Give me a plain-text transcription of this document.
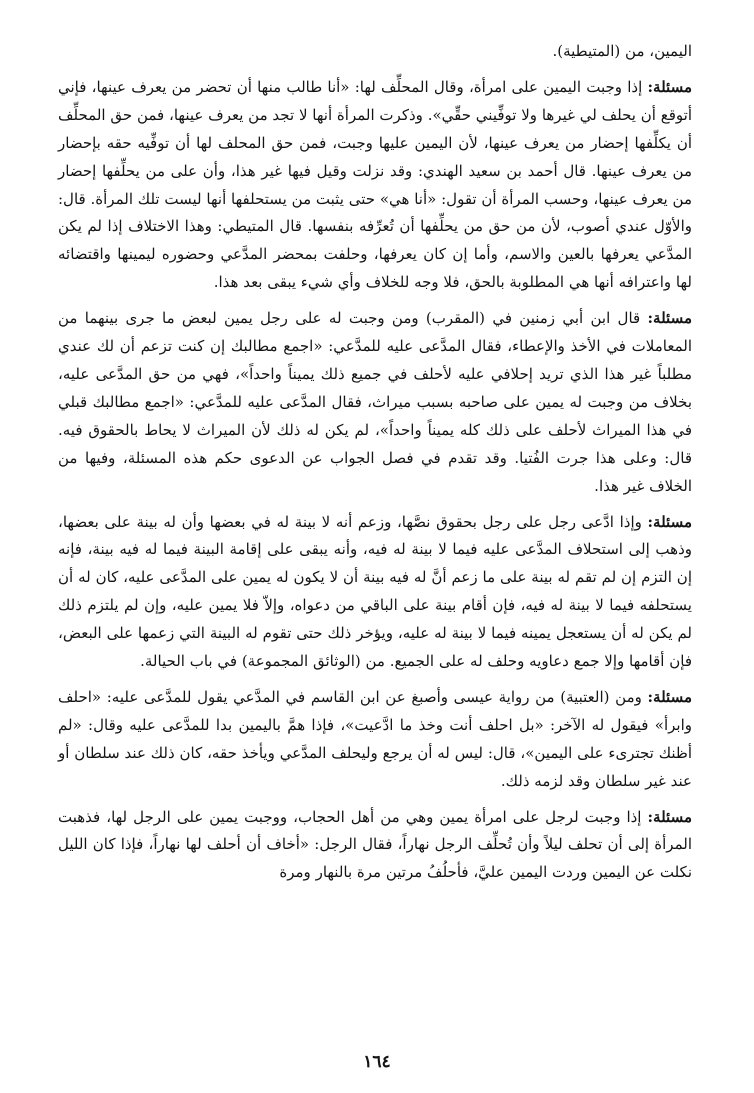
اليمين، من (المتيطية).
مسئلة: إذا وجبت اليمين على امرأة، وقال المحلِّف لها: «أنا طالب منها أن تحضر من يعرف عينها، فإني أتوقع أن يحلف لي غيرها ولا توفِّيني حقِّي». وذكرت المرأة أنها لا تجد من يعرف عينها، فمن حق المحلِّف أن يكلِّفها إحضار من يعرف عينها، لأن اليمين عليها وجبت، فمن حق المحلف لها أن توفِّيه حقه بإحضار من يعرف عينها. قال أحمد بن سعيد الهندي: وقد نزلت وقيل فيها غير هذا، وأن على من يحلِّفها إحضار من يعرف عينها، وحسب المرأة أن تقول: «أنا هي» حتى يثبت من يستحلفها أنها ليست تلك المرأة. قال: والأوّل عندي أصوب، لأن من حق من يحلِّفها أن تُعرِّفه بنفسها. قال المتيطي: وهذا الاختلاف إذا لم يكن المدَّعي يعرفها بالعين والاسم، وأما إن كان يعرفها، وحلفت بمحضر المدَّعي وحضوره ليمينها واقتضائه لها واعترافه أنها هي المطلوبة بالحق، فلا وجه للخلاف وأي شيء يبقى بعد هذا.
مسئلة: قال ابن أبي زمنين في (المقرب) ومن وجبت له على رجل يمين لبعض ما جرى بينهما من المعاملات في الأخذ والإعطاء، فقال المدَّعى عليه للمدَّعي: «اجمع مطالبك إن كنت تزعم أن لك عندي مطلباً غير هذا الذي تريد إحلافي عليه لأحلف في جميع ذلك يميناً واحداً»، فهي من حق المدَّعى عليه، بخلاف من وجبت له يمين على صاحبه بسبب ميراث، فقال المدَّعى عليه للمدَّعي: «اجمع مطالبك قبلي في هذا الميراث لأحلف على ذلك كله يميناً واحداً»، لم يكن له ذلك لأن الميراث لا يحاط بالحقوق فيه. قال: وعلى هذا جرت الفُتيا. وقد تقدم في فصل الجواب عن الدعوى حكم هذه المسئلة، وفيها من الخلاف غير هذا.
مسئلة: وإذا ادَّعى رجل على رجل بحقوق نصَّها، وزعم أنه لا بينة له في بعضها وأن له بينة على بعضها، وذهب إلى استحلاف المدَّعى عليه فيما لا بينة له فيه، وأنه يبقى على إقامة البينة فيما له فيه بينة، فإنه إن التزم إن لم تقم له بينة على ما زعم أنَّ له فيه بينة أن لا يكون له يمين على المدَّعى عليه، كان له أن يستحلفه فيما لا بينة له فيه، فإن أقام بينة على الباقي من دعواه، وإلاّ فلا يمين عليه، وإن لم يلتزم ذلك لم يكن له أن يستعجل يمينه فيما لا بينة له عليه، ويؤخر ذلك حتى تقوم له البينة التي زعمها على البعض، فإن أقامها وإلا جمع دعاويه وحلف له على الجميع. من (الوثائق المجموعة) في باب الحيالة.
مسئلة: ومن (العتبية) من رواية عيسى وأصبغ عن ابن القاسم في المدَّعي يقول للمدَّعى عليه: «احلف وابرأ» فيقول له الآخر: «بل احلف أنت وخذ ما ادَّعيت»، فإذا همَّ باليمين بدا للمدَّعى عليه وقال: «لم أظنك تجترىء على اليمين»، قال: ليس له أن يرجع وليحلف المدَّعي ويأخذ حقه، كان ذلك عند سلطان أو عند غير سلطان وقد لزمه ذلك.
مسئلة: إذا وجبت لرجل على امرأة يمين وهي من أهل الحجاب، ووجبت يمين على الرجل لها، فذهبت المرأة إلى أن تحلف ليلاً وأن تُحلِّف الرجل نهاراً، فقال الرجل: «أخاف أن أحلف لها نهاراً، فإذا كان الليل نكلت عن اليمين وردت اليمين عليَّ، فأحلُفُ مرتين مرة بالنهار ومرة
١٦٤
